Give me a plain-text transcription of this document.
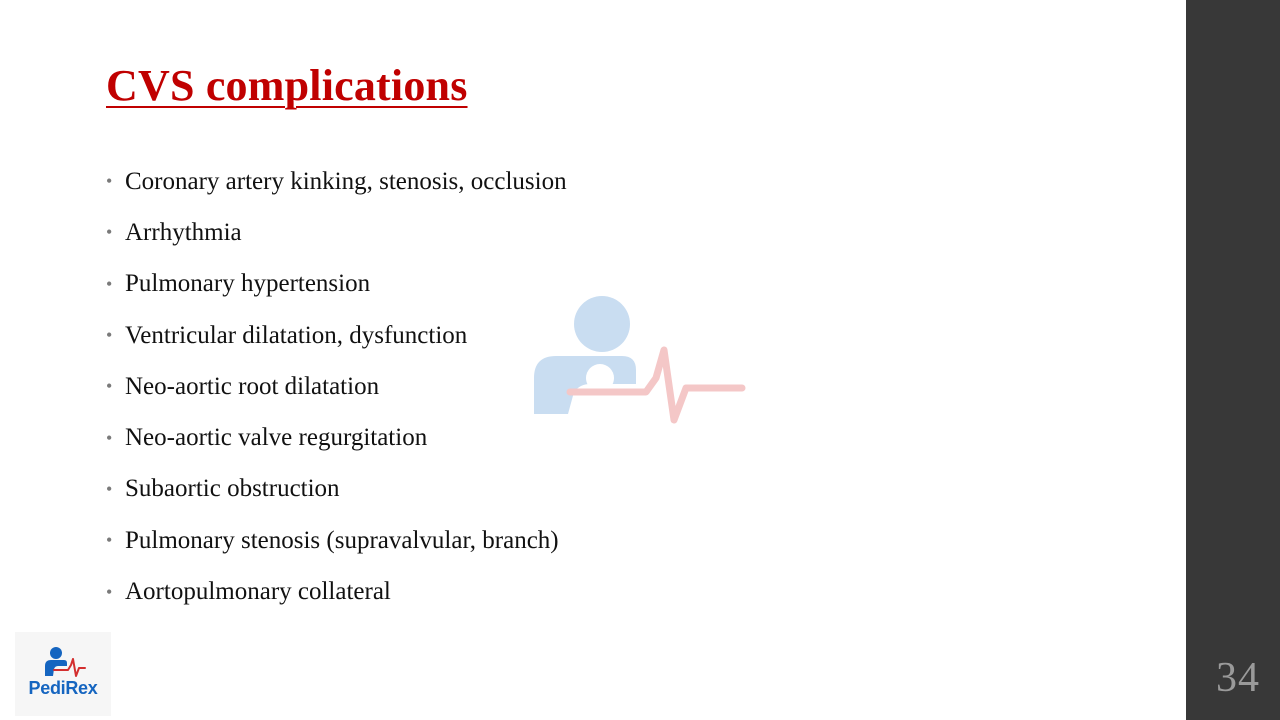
CVS complications
• Coronary artery kinking, stenosis, occlusion
• Arrhythmia
• Pulmonary hypertension
• Ventricular dilatation, dysfunction
• Neo-aortic root dilatation
• Neo-aortic valve regurgitation
• Subaortic obstruction
• Pulmonary stenosis (supravalvular, branch)
• Aortopulmonary collateral
PediRex	34
